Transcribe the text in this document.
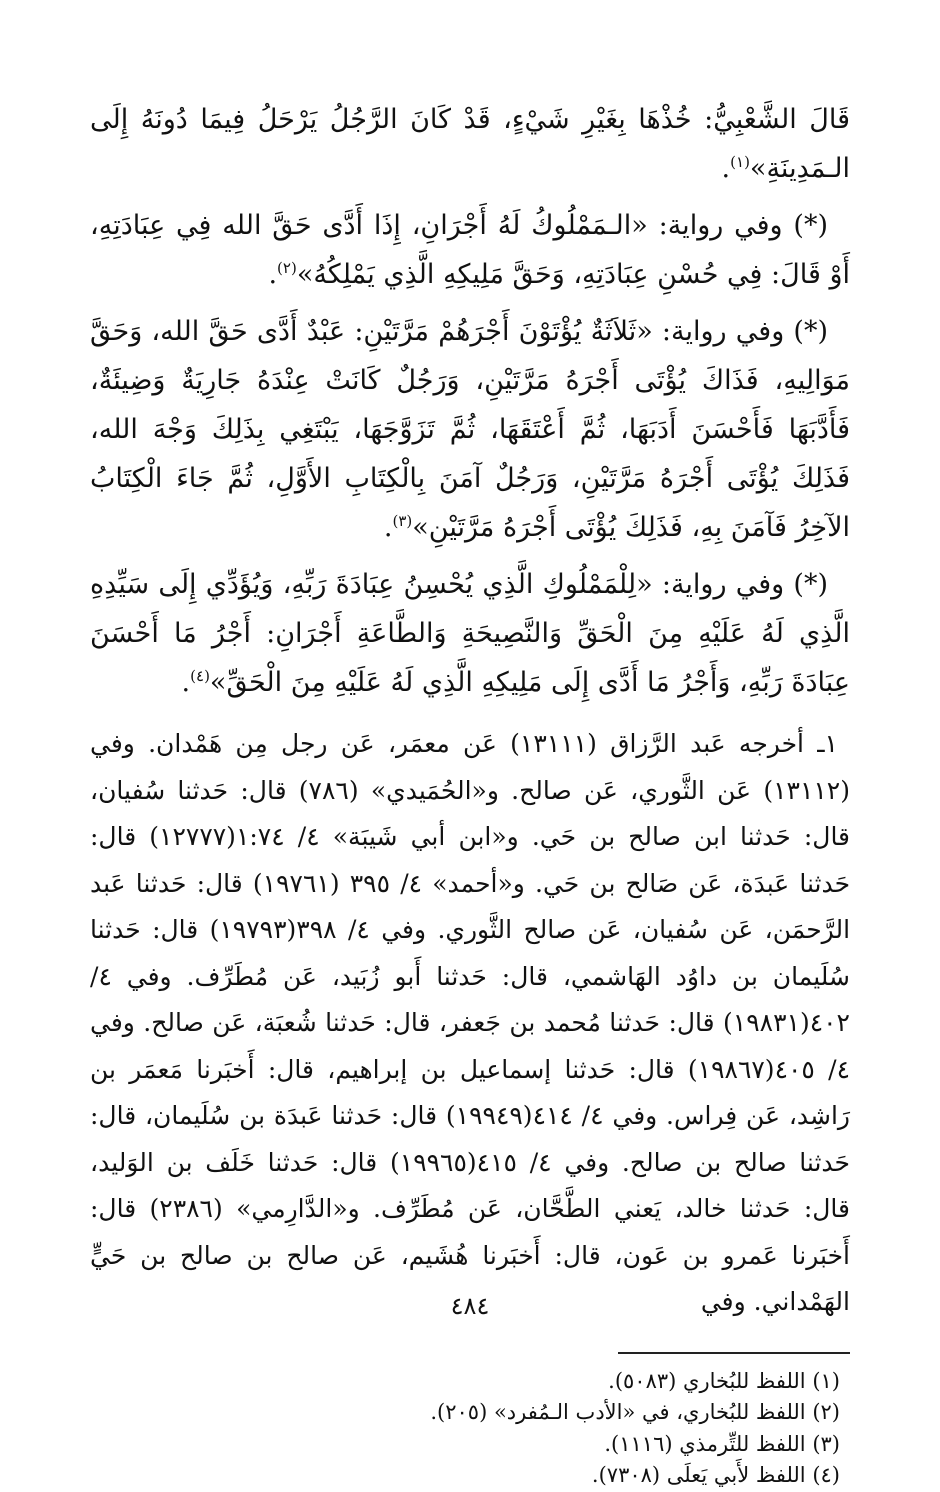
قَالَ الشَّعْبِيُّ: خُذْهَا بِغَيْرِ شَيْءٍ، قَدْ كَانَ الرَّجُلُ يَرْحَلُ فِيمَا دُونَهُ إِلَى الـمَدِينَةِ»$^{(١)}$.

(*) وفي رواية: «الـمَمْلُوكُ لَهُ أَجْرَانِ، إِذَا أَدَّى حَقَّ الله فِي عِبَادَتِهِ، أَوْ قَالَ: فِي حُسْنِ عِبَادَتِهِ، وَحَقَّ مَلِيكِهِ الَّذِي يَمْلِكُهُ»$^{(٢)}$.

(*) وفي رواية: «ثَلاَثَةٌ يُؤْتَوْنَ أَجْرَهُمْ مَرَّتَيْنِ: عَبْدٌ أَدَّى حَقَّ الله، وَحَقَّ مَوَالِيهِ، فَذَاكَ يُؤْتَى أَجْرَهُ مَرَّتَيْنِ، وَرَجُلٌ كَانَتْ عِنْدَهُ جَارِيَةٌ وَضِيئَةٌ، فَأَدَّبَهَا فَأَحْسَنَ أَدَبَهَا، ثُمَّ أَعْتَقَهَا، ثُمَّ تَزَوَّجَهَا، يَبْتَغِي بِذَلِكَ وَجْهَ الله، فَذَلِكَ يُؤْتَى أَجْرَهُ مَرَّتَيْنِ، وَرَجُلٌ آمَنَ بِالْكِتَابِ الأَوَّلِ، ثُمَّ جَاءَ الْكِتَابُ الآخِرُ فَآمَنَ بِهِ، فَذَلِكَ يُؤْتَى أَجْرَهُ مَرَّتَيْنِ»$^{(٣)}$.

(*) وفي رواية: «لِلْمَمْلُوكِ الَّذِي يُحْسِنُ عِبَادَةَ رَبِّهِ، وَيُؤَدِّي إِلَى سَيِّدِهِ الَّذِي لَهُ عَلَيْهِ مِنَ الْحَقِّ وَالنَّصِيحَةِ وَالطَّاعَةِ أَجْرَانِ: أَجْرُ مَا أَحْسَنَ عِبَادَةَ رَبِّهِ، وَأَجْرُ مَا أَدَّى إِلَى مَلِيكِهِ الَّذِي لَهُ عَلَيْهِ مِنَ الْحَقِّ»$^{(٤)}$.

١ـ أخرجه عَبد الرَّزاق (١٣١١١) عَن معمَر، عَن رجل مِن هَمْدان. وفي (١٣١١٢) عَن الثَّوري، عَن صالح. و«الحُمَيدي» (٧٨٦) قال: حَدثنا سُفيان، قال: حَدثنا ابن صالح بن حَي. و«ابن أبي شَيبَة» ٤/ ١:٧٤(١٢٧٧٧) قال: حَدثنا عَبدَة، عَن صَالح بن حَي. و«أحمد» ٤/ ٣٩٥ (١٩٧٦١) قال: حَدثنا عَبد الرَّحمَن، عَن سُفيان، عَن صالح الثَّوري. وفي ٤/ ٣٩٨(١٩٧٩٣) قال: حَدثنا سُلَيمان بن داوُد الهَاشمي، قال: حَدثنا أَبو زُبَيد، عَن مُطَرِّف. وفي ٤/ ٤٠٢(١٩٨٣١) قال: حَدثنا مُحمد بن جَعفر، قال: حَدثنا شُعبَة، عَن صالح. وفي ٤/ ٤٠٥(١٩٨٦٧) قال: حَدثنا إسماعيل بن إبراهيم، قال: أَخبَرنا مَعمَر بن رَاشِد، عَن فِراس. وفي ٤/ ٤١٤(١٩٩٤٩) قال: حَدثنا عَبدَة بن سُلَيمان، قال: حَدثنا صالح بن صالح. وفي ٤/ ٤١٥(١٩٩٦٥) قال: حَدثنا خَلَف بن الوَليد، قال: حَدثنا خالد، يَعني الطَّحَّان، عَن مُطَرِّف. و«الدَّارِمي» (٢٣٨٦) قال: أَخبَرنا عَمرو بن عَون، قال: أَخبَرنا هُشَيم، عَن صالح بن صالح بن حَيٍّ الهَمْداني. وفي

(١) اللفظ للبُخاري (٥٠٨٣).

(٢) اللفظ للبُخاري، في «الأدب الـمُفرد» (٢٠٥).

(٣) اللفظ للتِّرمذي (١١١٦).

(٤) اللفظ لأَبي يَعلَى (٧٣٠٨).

٤٨٤
